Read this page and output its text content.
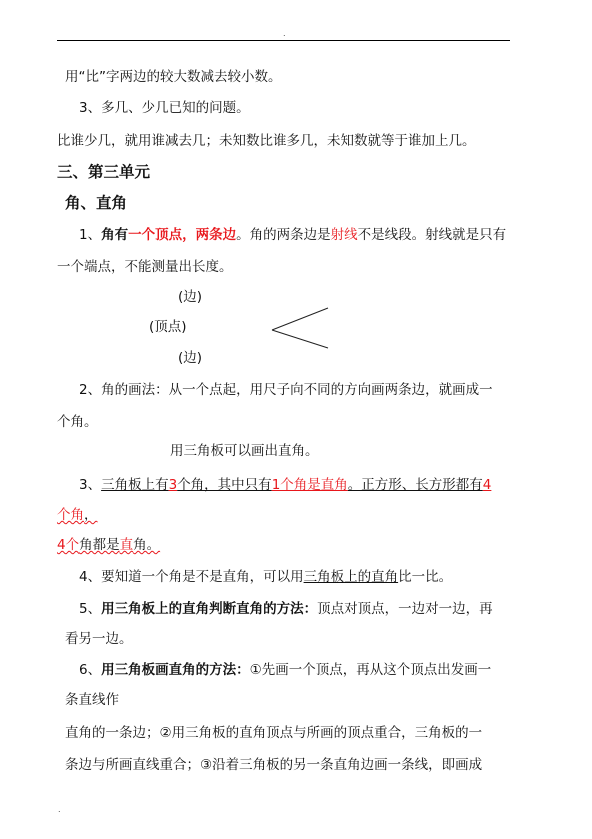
.
用“比”字两边的较大数减去较小数。
3、多几、少几已知的问题。
比谁少几，就用谁减去几；未知数比谁多几，未知数就等于谁加上几。
三、第三单元
角、直角
1、角有一个顶点，两条边。角的两条边是射线不是线段。射线就是只有
一个端点，不能测量出长度。
(边)
(顶点)
(边)
2、角的画法：从一个点起，用尺子向不同的方向画两条边，就画成一
个角。
用三角板可以画出直角。
3、三角板上有3个角，其中只有1个角是直角。正方形、长方形都有4
个角，
4个角都是直角。
4、要知道一个角是不是直角，可以用三角板上的直角比一比。
5、用三角板上的直角判断直角的方法：顶点对顶点，一边对一边，再
看另一边。
6、用三角板画直角的方法：①先画一个顶点，再从这个顶点出发画一
条直线作
直角的一条边；②用三角板的直角顶点与所画的顶点重合，三角板的一
条边与所画直线重合；③沿着三角板的另一条直角边画一条线，即画成
.
